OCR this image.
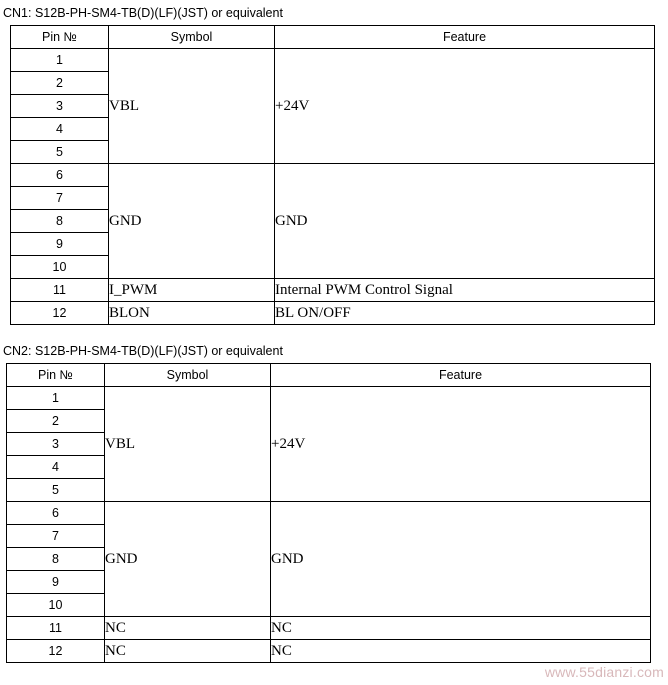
CN1: S12B-PH-SM4-TB(D)(LF)(JST) or equivalent
Pin №	Symbol	Feature
1	VBL	+24V
2		
3		
4		
5		
6	GND	GND
7		
8		
9		
10		
11	I_PWM	Internal PWM Control Signal
12	BLON	BL ON/OFF
CN2: S12B-PH-SM4-TB(D)(LF)(JST) or equivalent
Pin №	Symbol	Feature
1	VBL	+24V
2		
3		
4		
5		
6	GND	GND
7		
8		
9		
10		
11	NC	NC
12	NC	NC
www.55dianzi.com
